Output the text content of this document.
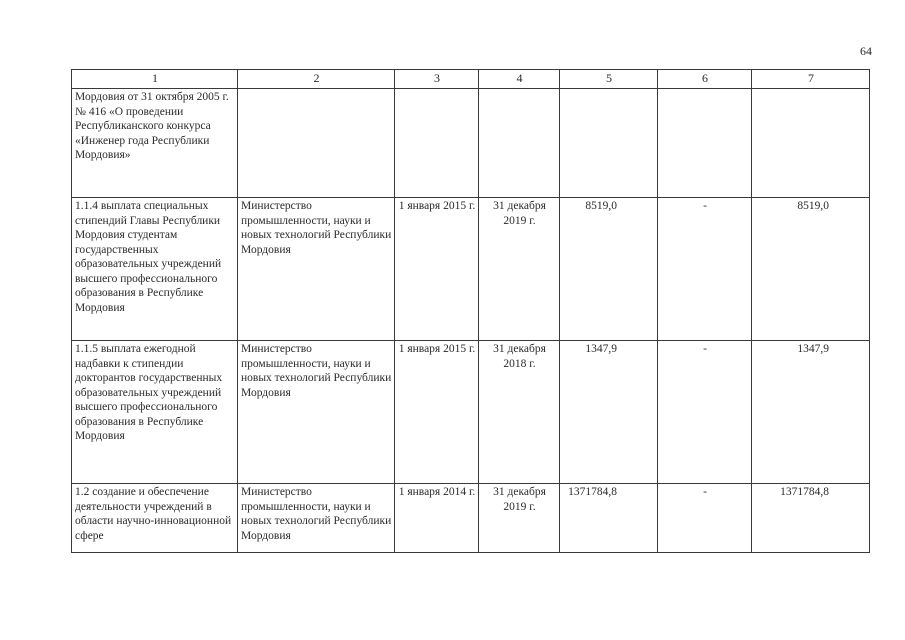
64
1	2	3	4	5	6	7
Мордовия от 31 октября 2005 г. № 416 «О проведении Республиканского конкурса «Инженер года Республики Мордовия»						
1.1.4 выплата специальных стипендий Главы Республики Мордовия студентам государственных образовательных учреждений высшего профессионального образования в Республике Мордовия	Министерство промышленности, науки и новых технологий Республики Мордовия	1 января 2015 г.	31 декабря 2019 г.	8519,0	-	8519,0
1.1.5 выплата ежегодной надбавки к стипендии докторантов государственных образовательных учреждений высшего профессионального образования в Республике Мордовия	Министерство промышленности, науки и новых технологий Республики Мордовия	1 января 2015 г.	31 декабря 2018 г.	1347,9	-	1347,9
1.2 создание и обеспечение деятельности учреждений в области научно-инновационной сфере	Министерство промышленности, науки и новых технологий Республики Мордовия	1 января 2014 г.	31 декабря 2019 г.	1371784,8	-	1371784,8
